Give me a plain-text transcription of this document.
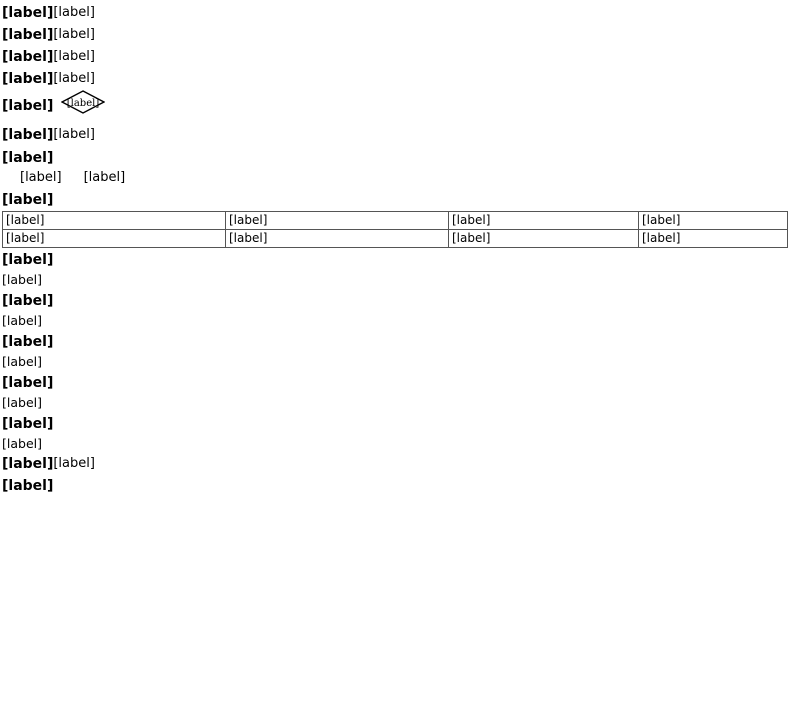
[label] [label]
[label] [label]
[label] [label]
[label] [label]
[label] [label]
[label] [label]
[label]
[label] [label]
[label]
[label]	[label]	[label]	[label]
[label]	[label]	[label]	[label]
[label]

[label]

[label]

[label]

[label]

[label]

[label]

[label]

[label]

[label]

[label] [label]
[label]
